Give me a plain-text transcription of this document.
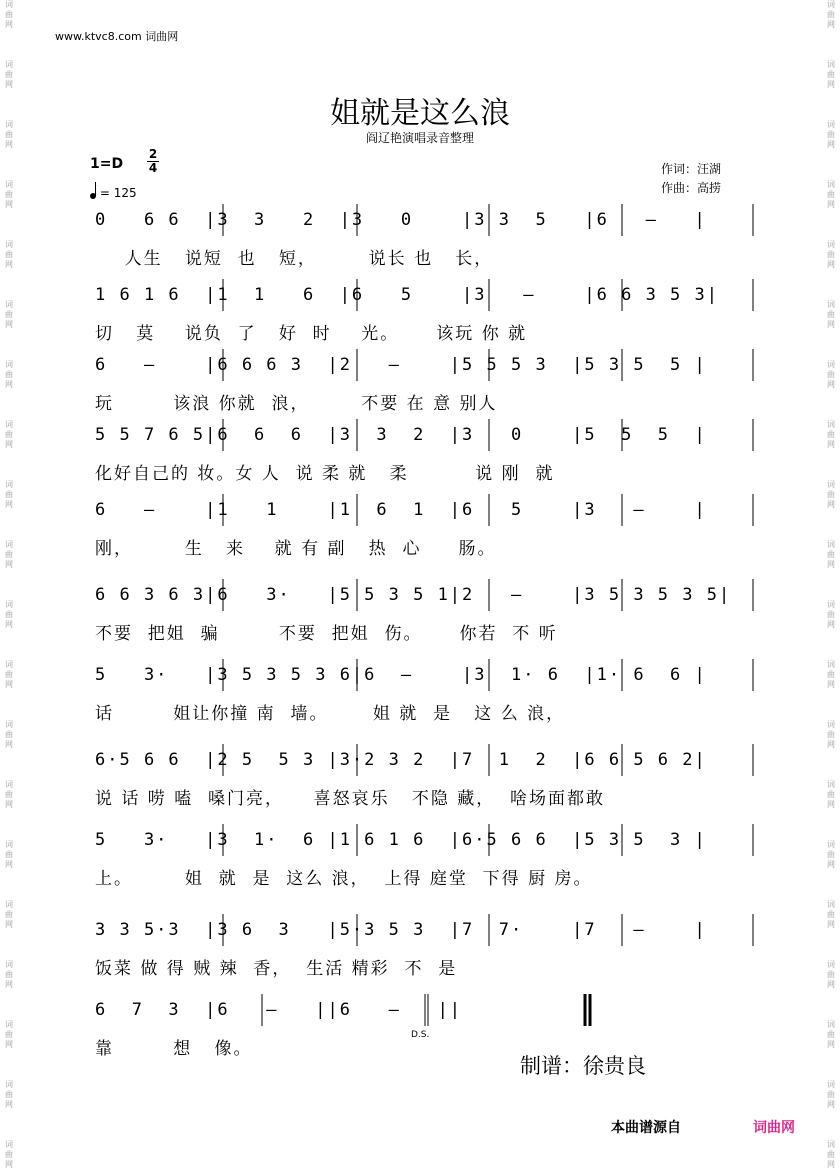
词曲网
词曲网
词曲网
词曲网
词曲网
词曲网
词曲网
词曲网
词曲网
词曲网
词曲网
词曲网
词曲网
词曲网
词曲网
词曲网
词曲网
词曲网
词曲网
词曲网
词曲网
词曲网
词曲网
词曲网
词曲网
词曲网
词曲网
词曲网
词曲网
词曲网
词曲网
词曲网
词曲网
词曲网
词曲网
词曲网
词曲网
词曲网
词曲网
词曲网
www.ktvc8.com 词曲网
姐就是这么浪
阎辽艳演唱录音整理
1=D
2
4
= 125
作词：汪湖
作曲：高捞
0   6 6  |3  3   2  |3   0    |3 3  5   |6   —   |
人生   说短  也   短，       说长 也   长，
1 6 1 6  |1  1   6  |6   5    |3   —    |6 6 3 5 3|
切   莫    说负  了   好  时    光。     该玩 你 就
6   —    |6 6 6 3  |2   —    |5 5 5 3  |5 3 5  5 |
玩        该浪 你就  浪，       不要 在 意 别人
5 5 7 6 5|6  6  6  |3  3  2  |3   0    |5  5  5  |
化好自己的 妆。女 人  说 柔 就   柔         说 刚  就
6   —    |1   1    |1  6  1  |6   5    |3   —    |
刚，       生   来    就 有 副   热  心     肠。
6 6 3 6 3|6   3·   |5 5 3 5 1|2   —    |3 5 3 5 3 5|
不要  把姐  骗        不要  把姐  伤。     你若  不 听
5   3·   |3 5 3 5 3 6|6  —    |3  1· 6  |1· 6  6 |
话        姐让你撞 南  墙。      姐 就  是   这 么 浪，
6·5 6 6  |2 5  5 3 |3·2 3 2  |7  1  2  |6 6 5 6 2|
说 话 唠 嗑  嗓门亮，    喜怒哀乐   不隐 藏，  啥场面都敢
5   3·   |3  1·  6 |1 6 1 6  |6·5 6 6  |5 3 5  3 |
上。       姐  就  是  这么 浪，  上得 庭堂  下得 厨 房。
3 3 5·3  |3 6  3   |5·3 5 3  |7  7·    |7   —    |
饭菜 做 得 贼 辣  香，  生活 精彩  不  是
6  7  3  |6   —   ||6   —   ||
靠        想   像。
D.S.
制谱：徐贵良
本曲谱源自	词曲网
